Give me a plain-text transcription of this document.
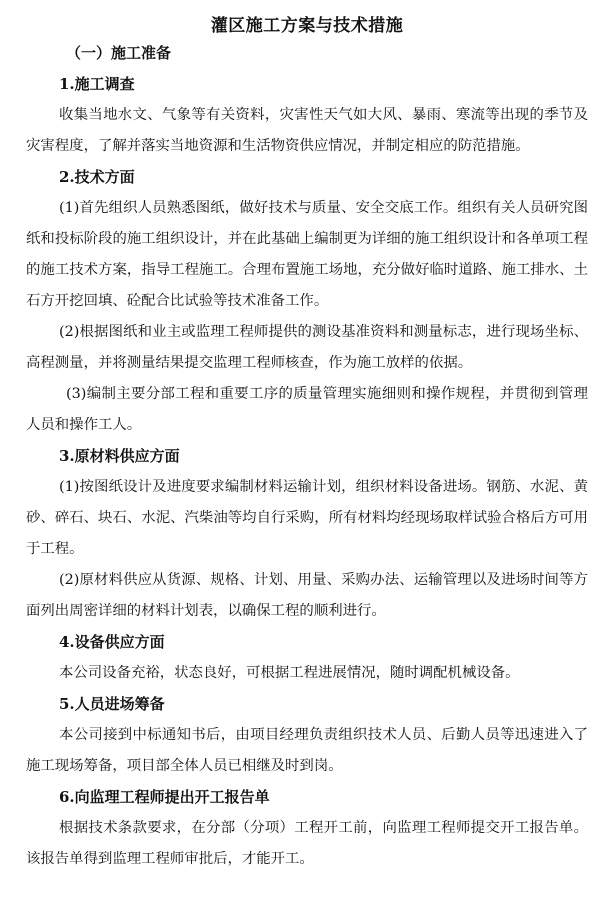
灌区施工方案与技术措施
（一）施工准备
1.施工调查

收集当地水文、气象等有关资料，灾害性天气如大风、暴雨、寒流等出现的季节及灾害程度，了解并落实当地资源和生活物资供应情况，并制定相应的防范措施。

2.技术方面

(1)首先组织人员熟悉图纸，做好技术与质量、安全交底工作。组织有关人员研究图纸和投标阶段的施工组织设计，并在此基础上编制更为详细的施工组织设计和各单项工程的施工技术方案，指导工程施工。合理布置施工场地，充分做好临时道路、施工排水、土石方开挖回填、砼配合比试验等技术准备工作。

(2)根据图纸和业主或监理工程师提供的测设基准资料和测量标志，进行现场坐标、高程测量，并将测量结果提交监理工程师核查，作为施工放样的依据。

(3)编制主要分部工程和重要工序的质量管理实施细则和操作规程，并贯彻到管理人员和操作工人。

3.原材料供应方面

(1)按图纸设计及进度要求编制材料运输计划，组织材料设备进场。钢筋、水泥、黄砂、碎石、块石、水泥、汽柴油等均自行采购，所有材料均经现场取样试验合格后方可用于工程。

(2)原材料供应从货源、规格、计划、用量、采购办法、运输管理以及进场时间等方面列出周密详细的材料计划表，以确保工程的顺利进行。

4.设备供应方面

本公司设备充裕，状态良好，可根据工程进展情况，随时调配机械设备。

5.人员进场筹备

本公司接到中标通知书后，由项目经理负责组织技术人员、后勤人员等迅速进入了施工现场筹备，项目部全体人员已相继及时到岗。

6.向监理工程师提出开工报告单

根据技术条款要求，在分部（分项）工程开工前，向监理工程师提交开工报告单。该报告单得到监理工程师审批后，才能开工。
